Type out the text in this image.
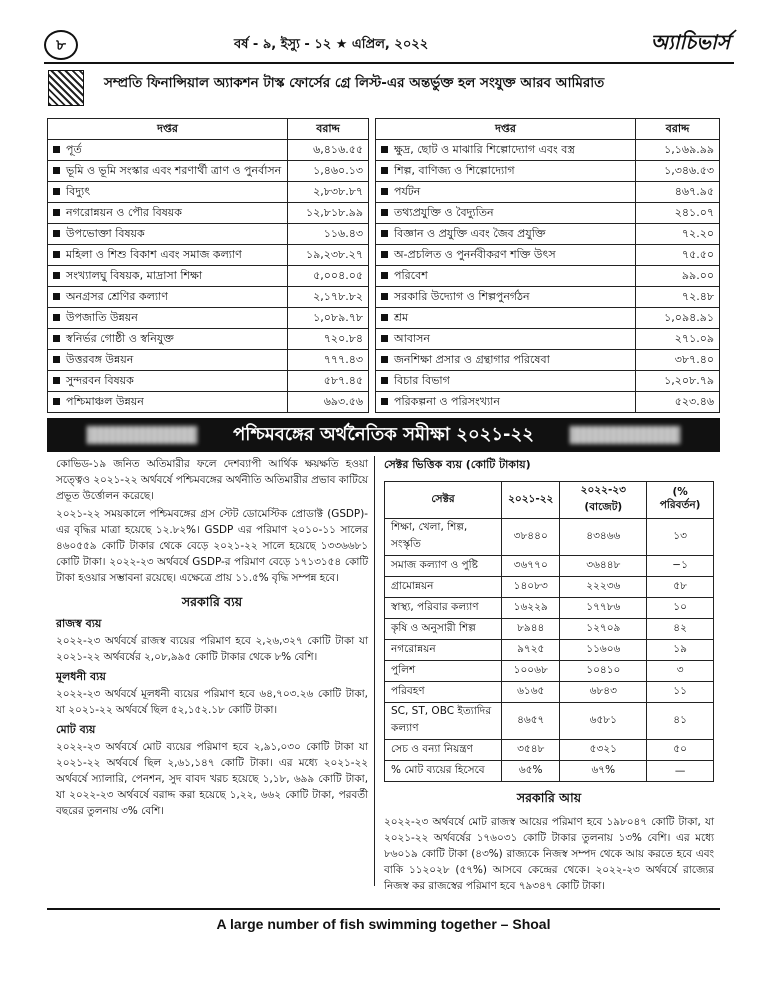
৮	বর্ষ - ৯, ইস্যু - ১২ ★ এপ্রিল, ২০২২	অ্যাচিভার্স
সম্প্রতি ফিনান্সিয়াল অ্যাকশন টাস্ক ফোর্সের গ্রে লিস্ট-এর অন্তর্ভুক্ত হল সংযুক্ত আরব আমিরাত
দপ্তর	বরাদ্দ
পূর্ত	৬,৪১৬.৫৫
ভূমি ও ভূমি সংস্কার এবং শরণার্থী ত্রাণ ও পুনর্বাসন	১,৪৬০.১৩
বিদ্যুৎ	২,৮৩৮.৮৭
নগরোন্নয়ন ও পৌর বিষয়ক	১২,৮১৮.৯৯
উপভোক্তা বিষয়ক	১১৬.৪৩
মহিলা ও শিশু বিকাশ এবং সমাজ কল্যাণ	১৯,২৩৮.২৭
সংখ্যালঘু বিষয়ক, মাদ্রাসা শিক্ষা	৫,০০৪.০৫
অনগ্রসর শ্রেণির কল্যাণ	২,১৭৮.৮২
উপজাতি উন্নয়ন	১,০৮৯.৭৮
স্বনির্ভর গোষ্ঠী ও স্বনিযুক্ত	৭২০.৮৪
উত্তরবঙ্গ উন্নয়ন	৭৭৭.৪৩
সুন্দরবন বিষয়ক	৫৮৭.৪৫
পশ্চিমাঞ্চল উন্নয়ন	৬৯৩.৫৬
দপ্তর	বরাদ্দ
ক্ষুদ্র, ছোট ও মাঝারি শিল্পোদ্যোগ এবং বস্ত্র	১,১৬৯.৯৯
শিল্প, বাণিজ্য ও শিল্পোদ্যোগ	১,৩৪৬.৫৩
পর্যটন	৪৬৭.৯৫
তথ্যপ্রযুক্তি ও বৈদ্যুতিন	২৪১.০৭
বিজ্ঞান ও প্রযুক্তি এবং জৈব প্রযুক্তি	৭২.২০
অ-প্রচলিত ও পুনর্নবীকরণ শক্তি উৎস	৭৫.৫০
পরিবেশ	৯৯.০০
সরকারি উদ্যোগ ও শিল্পপুনর্গঠন	৭২.৪৮
শ্রম	১,০৯৪.৯১
আবাসন	২৭১.০৯
জনশিক্ষা প্রসার ও গ্রন্থাগার পরিষেবা	৩৮৭.৪০
বিচার বিভাগ	১,২০৮.৭৯
পরিকল্পনা ও পরিসংখ্যান	৫২৩.৪৬
পশ্চিমবঙ্গের অর্থনৈতিক সমীক্ষা ২০২১-২২

কোভিড-১৯ জনিত অতিমারীর ফলে দেশব্যাপী আর্থিক ক্ষয়ক্ষতি হওয়া সত্ত্বেও ২০২১-২২ অর্থবর্ষে পশ্চিমবঙ্গের অর্থনীতি অতিমারীর প্রভাব কাটিয়ে প্রভূত উর্ত্তোলন করেছে।

২০২১-২২ সময়কালে পশ্চিমবঙ্গের গ্রস স্টেট ডোমেস্টিক প্রোডাক্ট (GSDP)-এর বৃদ্ধির মাত্রা হয়েছে ১২.৮২%। GSDP এর পরিমাণ ২০১০-১১ সালের ৪৬০৫৫৯ কোটি টাকার থেকে বেড়ে ২০২১-২২ সালে হয়েছে ১৩৩৬৬৮১ কোটি টাকা। ২০২২-২৩ অর্থবর্ষে GSDP-র পরিমাণ বেড়ে ১৭১৩১৫৪ কোটি টাকা হওয়ার সম্ভাবনা রয়েছে। এক্ষেত্রে প্রায় ১১.৫% বৃদ্ধি সম্পন্ন হবে।

সরকারি ব্যয়
রাজস্ব ব্যয়

২০২২-২৩ অর্থবর্ষে রাজস্ব ব্যয়ের পরিমাণ হবে ২,২৬,৩২৭ কোটি টাকা যা ২০২১-২২ অর্থবর্ষের ২,০৮,৯৯৫ কোটি টাকার থেকে ৮% বেশি।

মূলধনী ব্যয়

২০২২-২৩ অর্থবর্ষে মূলধনী ব্যয়ের পরিমাণ হবে ৬৪,৭০৩.২৬ কোটি টাকা, যা ২০২১-২২ অর্থবর্ষে ছিল ৫২,১৫২.১৮ কোটি টাকা।

মোট ব্যয়

২০২২-২৩ অর্থবর্ষে মোট ব্যয়ের পরিমাণ হবে ২,৯১,০৩০ কোটি টাকা যা ২০২১-২২ অর্থবর্ষে ছিল ২,৬১,১৪৭ কোটি টাকা। এর মধ্যে ২০২১-২২ অর্থবর্ষে স্যালারি, পেনশন, সুদ বাবদ খরচ হয়েছে ১,১৮, ৬৯৯ কোটি টাকা, যা ২০২২-২৩ অর্থবর্ষে বরাদ্দ করা হয়েছে ১,২২, ৬৬২ কোটি টাকা, পরবর্তী বছরের তুলনায় ৩% বেশি।

সেক্টর ভিত্তিক ব্যয় (কোটি টাকায়)
সেক্টর	২০২১-২২	২০২২-২৩ (বাজেট)	(% পরিবর্তন)
শিক্ষা, খেলা, শিল্প, সংস্কৃতি	৩৮৪৪০	৪৩৪৬৬	১৩
সমাজ কল্যাণ ও পুষ্টি	৩৬৭৭০	৩৬৪৪৮	−১
গ্রামোন্নয়ন	১৪০৮৩	২২২৩৬	৫৮
স্বাস্থ্য, পরিবার কল্যাণ	১৬২২৯	১৭৭৮৬	১০
কৃষি ও অনুসারী শিল্প	৮৯৪৪	১২৭০৯	৪২
নগরোন্নয়ন	৯৭২৫	১১৬০৬	১৯
পুলিশ	১০০৬৮	১০৪১০	৩
পরিবহণ	৬১৬৫	৬৮৪৩	১১
SC, ST, OBC ইত্যাদির কল্যাণ	৪৬৫৭	৬৫৮১	৪১
সেচ ও বন্যা নিয়ন্ত্রণ	৩৫৪৮	৫৩২১	৫০
% মোট ব্যয়ের হিসেবে	৬৫%	৬৭%	—
সরকারি আয়
২০২২-২৩ অর্থবর্ষে মোট রাজস্ব আয়ের পরিমাণ হবে ১৯৮০৪৭ কোটি টাকা, যা ২০২১-২২ অর্থবর্ষের ১৭৬০৩১ কোটি টাকার তুলনায় ১৩% বেশি। এর মধ্যে ৮৬০১৯ কোটি টাকা (৪৩%) রাজ্যকে নিজস্ব সম্পদ থেকে আয় করতে হবে এবং বাকি ১১২০২৮ (৫৭%) আসবে কেন্দ্রের থেকে। ২০২২-২৩ অর্থবর্ষে রাজ্যের নিজস্ব কর রাজস্বের পরিমাণ হবে ৭৯৩৪৭ কোটি টাকা।
A large number of fish swimming together – Shoal
